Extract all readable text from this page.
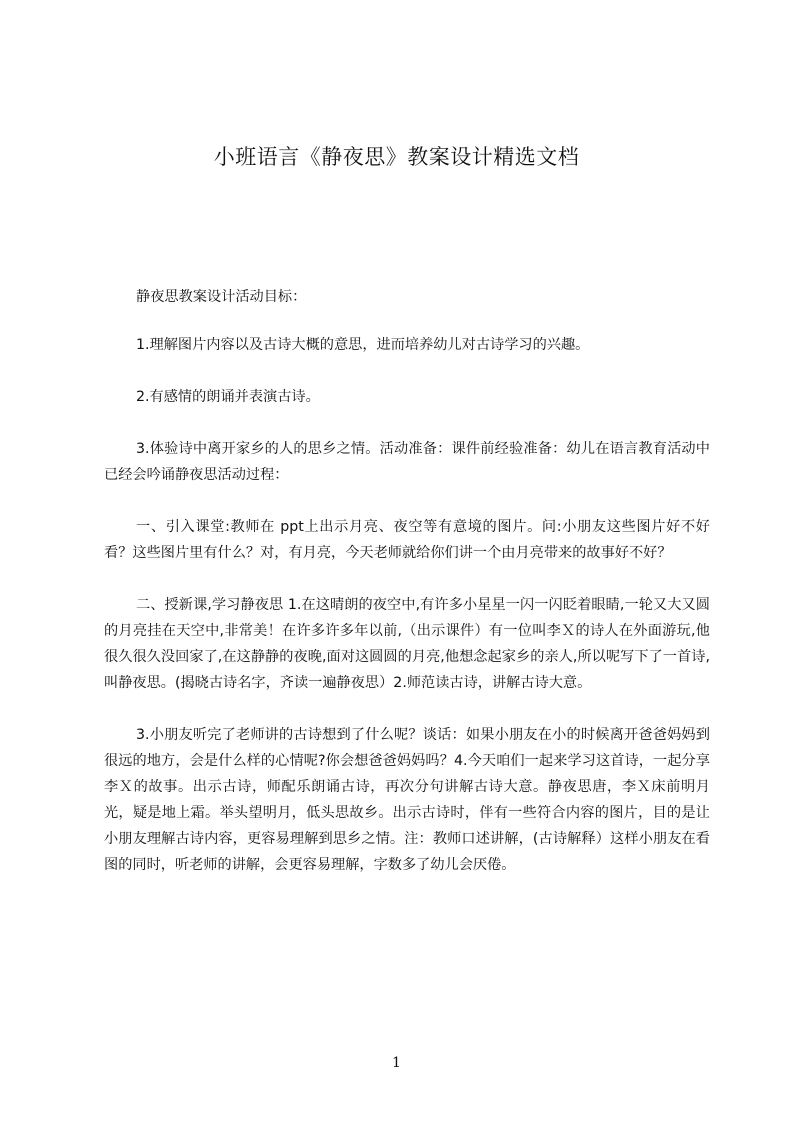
小班语言《静夜思》教案设计精选文档

静夜思教案设计活动目标：

1.理解图片内容以及古诗大概的意思，进而培养幼儿对古诗学习的兴趣。

2.有感情的朗诵并表演古诗。

3.体验诗中离开家乡的人的思乡之情。活动准备：课件前经验准备：幼儿在语言教育活动中已经会吟诵静夜思活动过程：

一、引入课堂:教师在 ppt上出示月亮、夜空等有意境的图片。问:小朋友这些图片好不好看？这些图片里有什么？对，有月亮，今天老师就给你们讲一个由月亮带来的故事好不好？

二、授新课,学习静夜思 1.在这晴朗的夜空中,有许多小星星一闪一闪眨着眼睛,一轮又大又圆的月亮挂在天空中,非常美！在许多许多年以前,（出示课件）有一位叫李Ｘ的诗人在外面游玩,他很久很久没回家了,在这静静的夜晚,面对这圆圆的月亮,他想念起家乡的亲人,所以呢写下了一首诗,叫静夜思。(揭晓古诗名字，齐读一遍静夜思）2.师范读古诗，讲解古诗大意。

3.小朋友听完了老师讲的古诗想到了什么呢？谈话：如果小朋友在小的时候离开爸爸妈妈到很远的地方，会是什么样的心情呢?你会想爸爸妈妈吗？4.今天咱们一起来学习这首诗，一起分享李Ｘ的故事。出示古诗，师配乐朗诵古诗，再次分句讲解古诗大意。静夜思唐，李Ｘ床前明月光，疑是地上霜。举头望明月，低头思故乡。出示古诗时，伴有一些符合内容的图片，目的是让小朋友理解古诗内容，更容易理解到思乡之情。注：教师口述讲解，(古诗解释）这样小朋友在看图的同时，听老师的讲解，会更容易理解，字数多了幼儿会厌倦。

1
